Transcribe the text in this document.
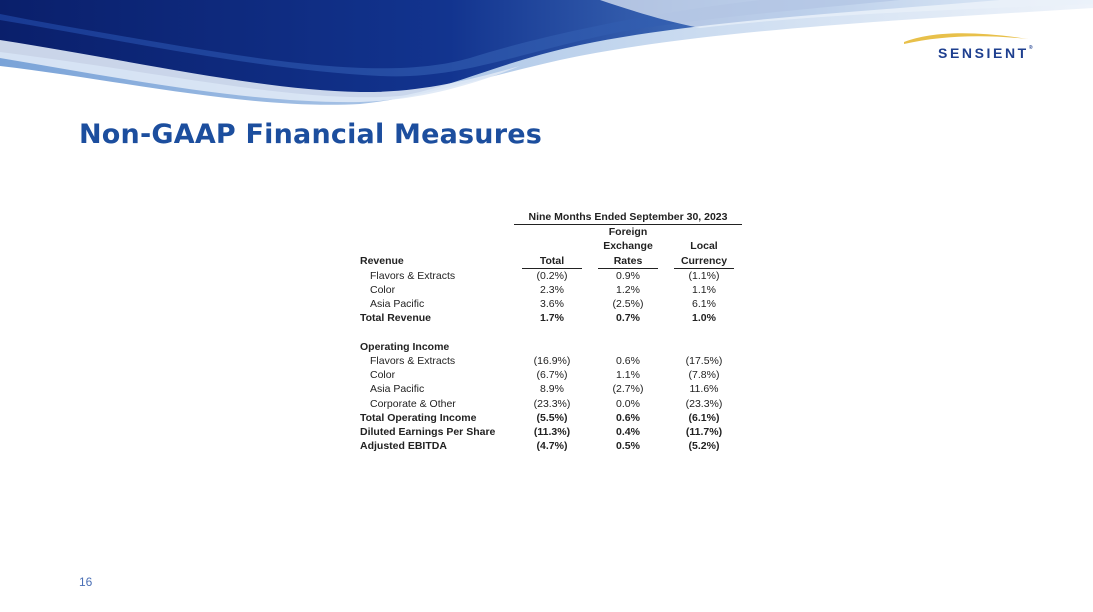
SENSIENT®
Non-GAAP Financial Measures
		Nine Months Ended September 30, 2023		
			Foreign	
			Exchange	Local
Revenue		Total	Rates	Currency

Flavors & Extracts		(0.2%)	0.9%	(1.1%)
Color		2.3%	1.2%	1.1%
Asia Pacific		3.6%	(2.5%)	6.1%
Total Revenue		1.7%	0.7%	1.0%

Operating Income				
Flavors & Extracts		(16.9%)	0.6%	(17.5%)
Color		(6.7%)	1.1%	(7.8%)
Asia Pacific		8.9%	(2.7%)	11.6%
Corporate & Other		(23.3%)	0.0%	(23.3%)
Total Operating Income		(5.5%)	0.6%	(6.1%)
Diluted Earnings Per Share		(11.3%)	0.4%	(11.7%)
Adjusted EBITDA		(4.7%)	0.5%	(5.2%)
16
